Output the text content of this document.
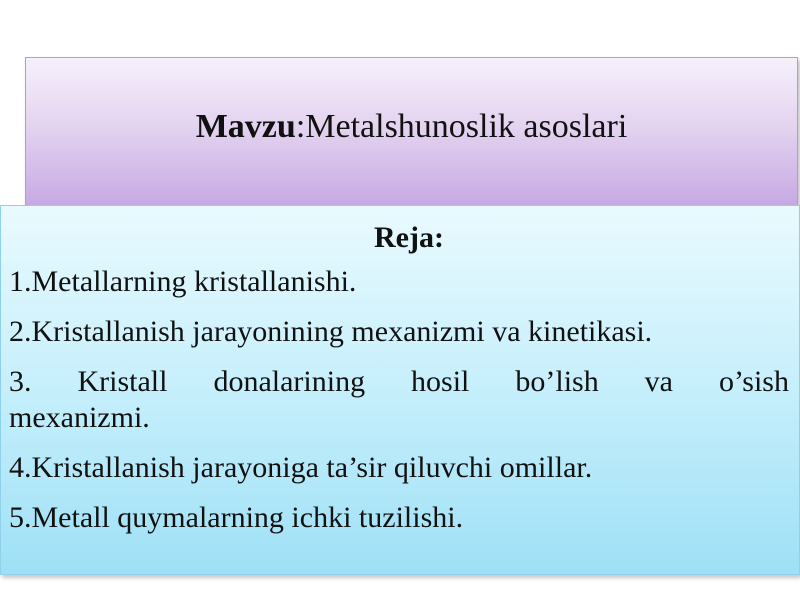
Mavzu:Metalshunoslik asoslari
Reja:

1.Metallarning kristallanishi.

2.Kristallanish jarayonining mexanizmi va kinetikasi.

3. Kristall donalarining hosil bo’lish va o’sish
mexanizmi.

4.Kristallanish jarayoniga ta’sir qiluvchi omillar.

5.Metall quymalarning ichki tuzilishi.
